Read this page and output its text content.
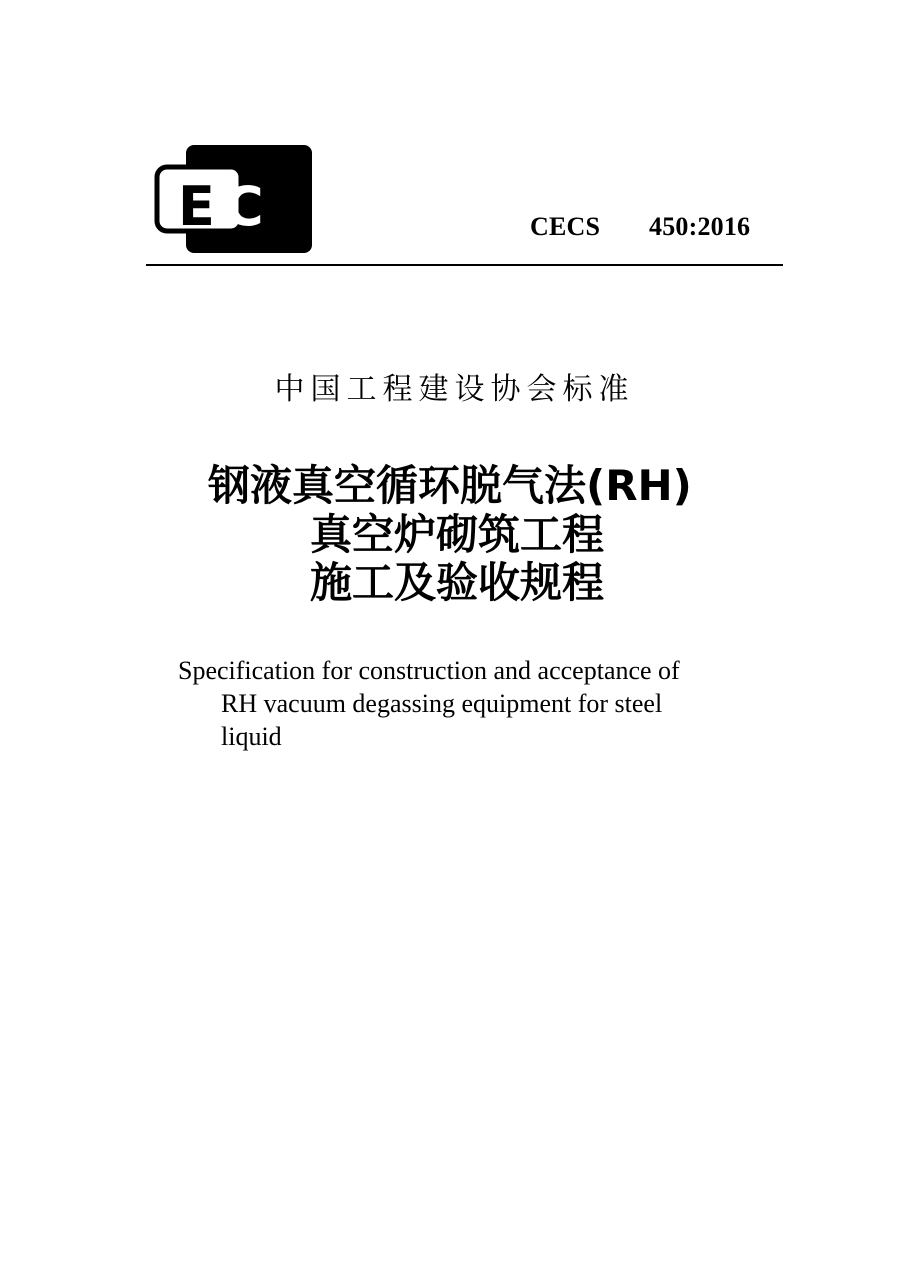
E C S	CECS 450:2016
中国工程建设协会标准
钢液真空循环脱气法(RH)
真空炉砌筑工程
施工及验收规程
Specification for construction and acceptance of
RH vacuum degassing equipment for steel
liquid
